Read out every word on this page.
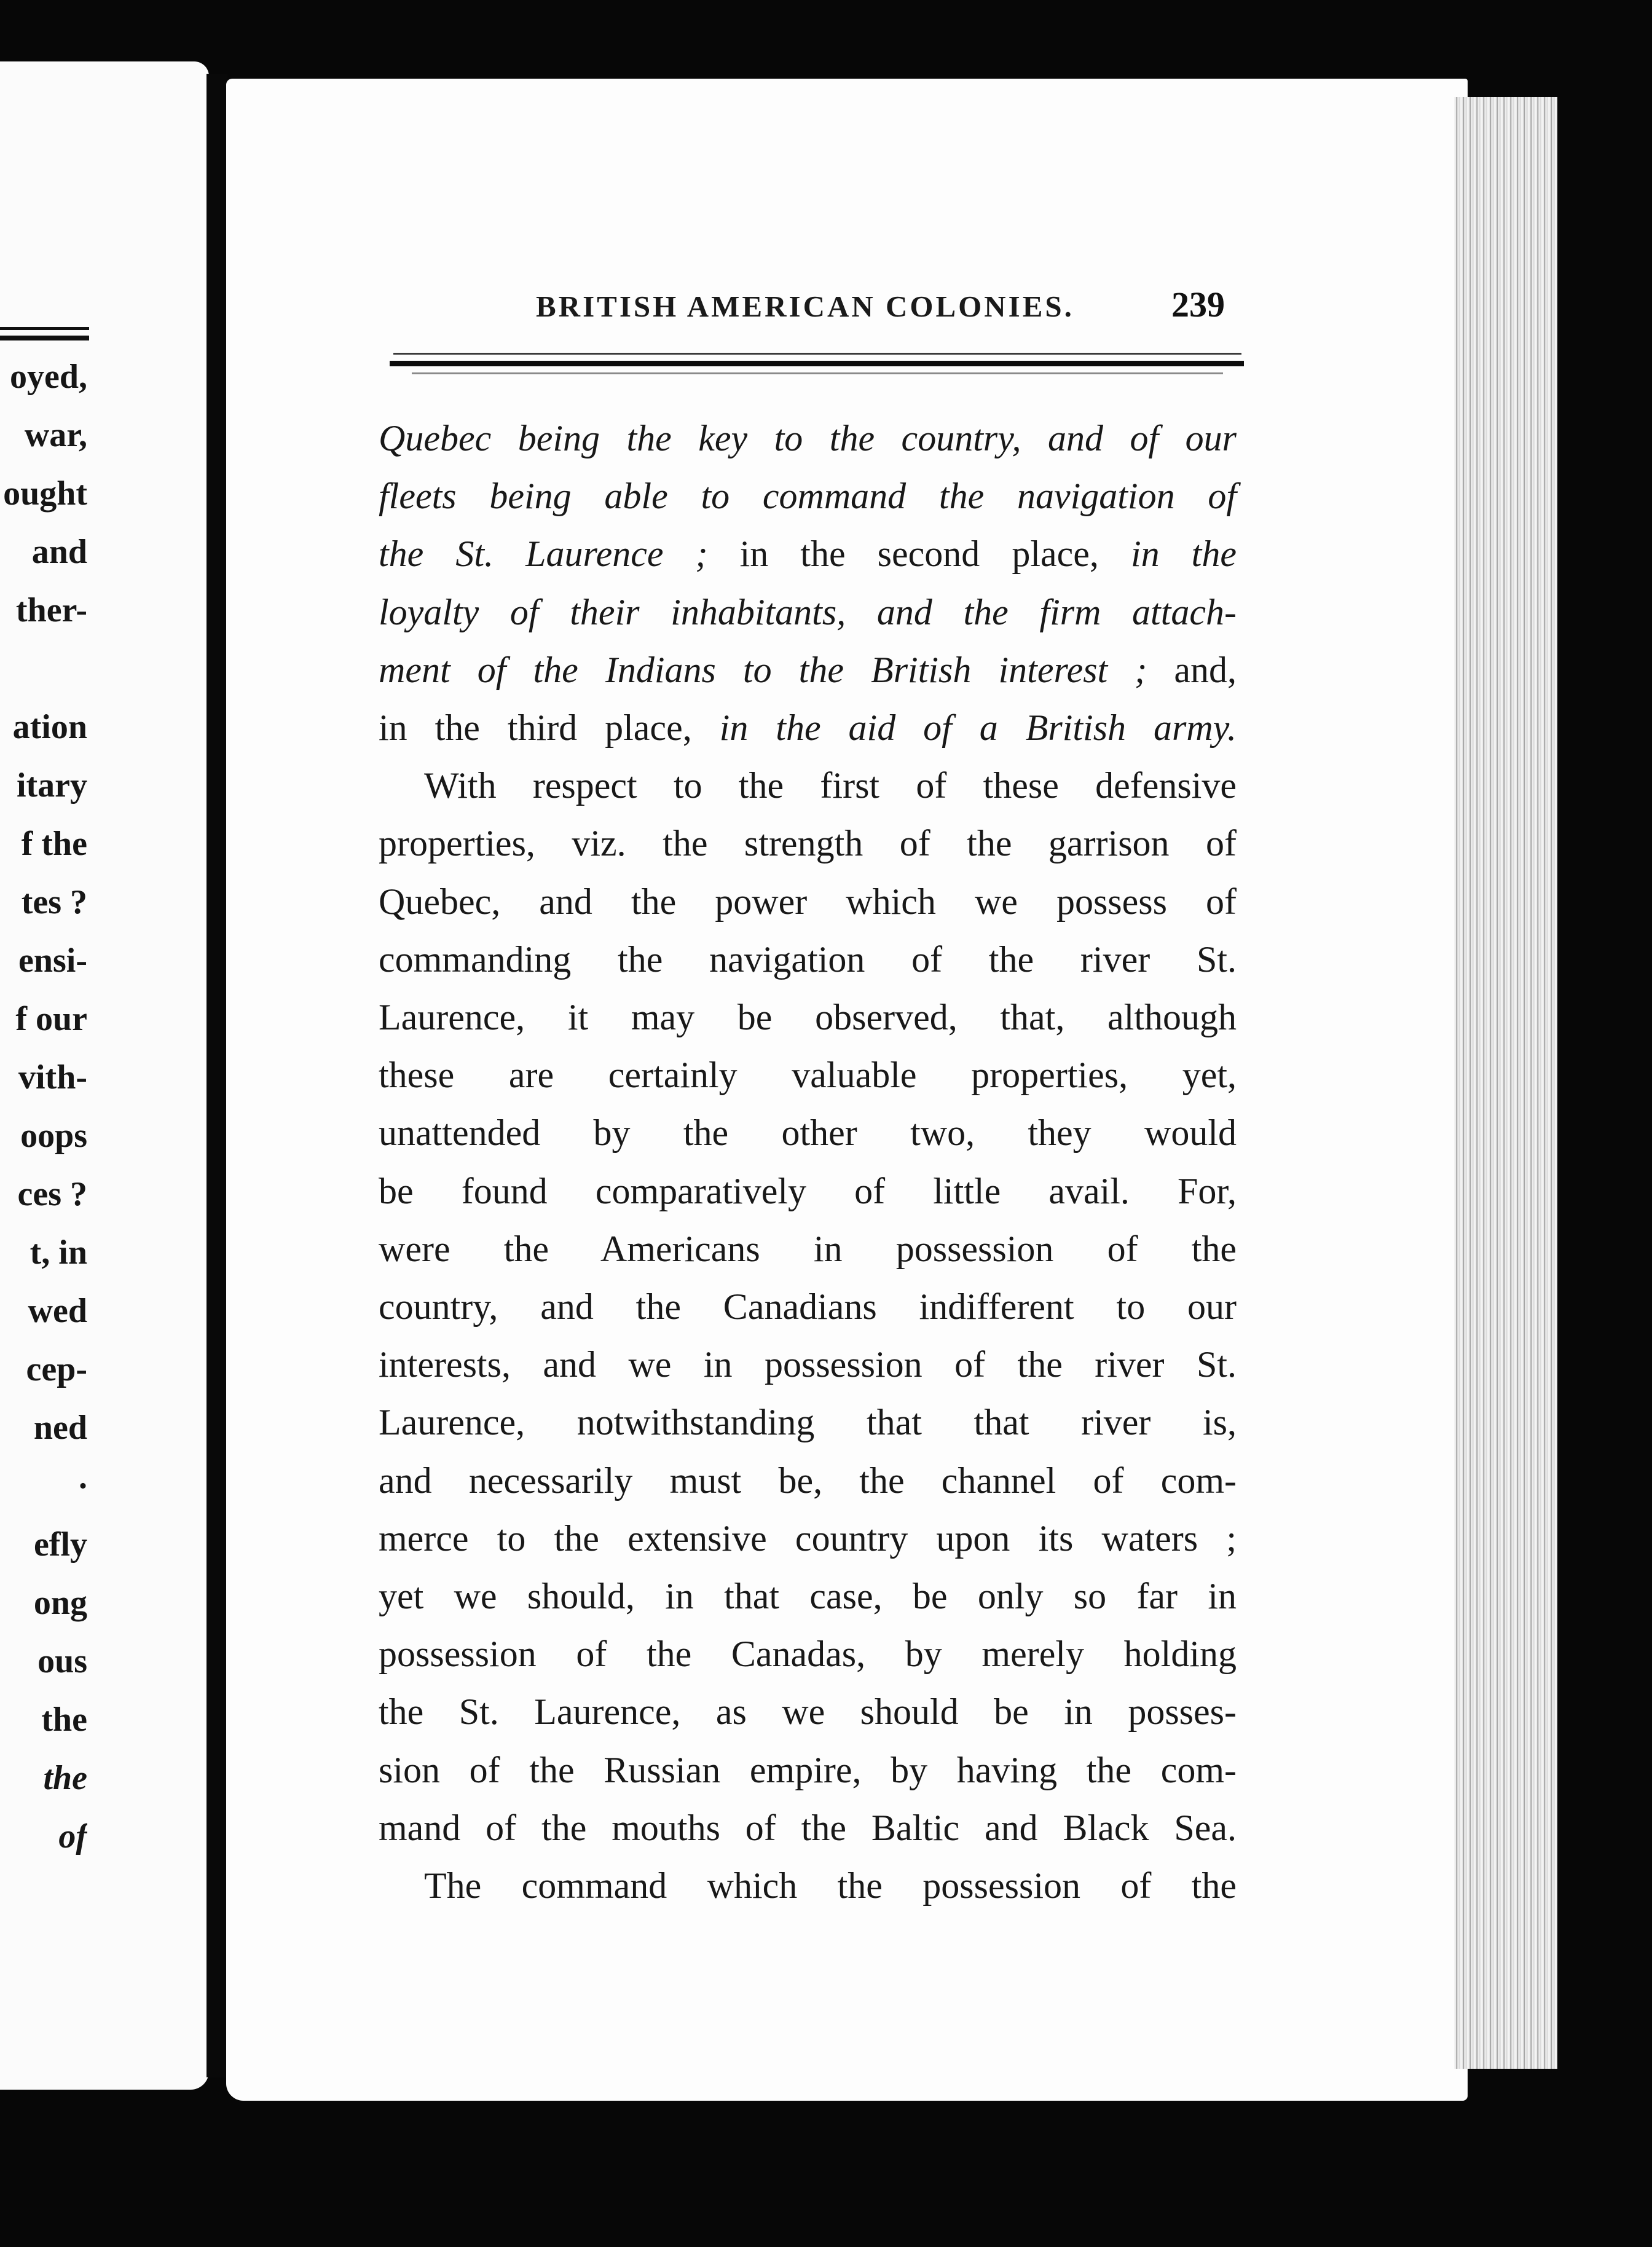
oyed,
war,
ought
and
ther-
ation
itary
f the
tes ?
ensi-
f our
vith-
oops
ces ?
t, in
wed
cep-
ned
.
efly
ong
ous
the
the
of
BRITISH AMERICAN COLONIES.	239
Quebec being the key to the country, and of our
fleets being able to command the navigation of
the St. Laurence ; in the second place, in the
loyalty of their inhabitants, and the firm attach-
ment of the Indians to the British interest ; and,
in the third place, in the aid of a British army.
With respect to the first of these defensive
properties, viz. the strength of the garrison of
Quebec, and the power which we possess of
commanding the navigation of the river St.
Laurence, it may be observed, that, although
these are certainly valuable properties, yet,
unattended by the other two, they would
be found comparatively of little avail. For,
were the Americans in possession of the
country, and the Canadians indifferent to our
interests, and we in possession of the river St.
Laurence, notwithstanding that that river is,
and necessarily must be, the channel of com-
merce to the extensive country upon its waters ;
yet we should, in that case, be only so far in
possession of the Canadas, by merely holding
the St. Laurence, as we should be in posses-
sion of the Russian empire, by having the com-
mand of the mouths of the Baltic and Black Sea.
The command which the possession of the
